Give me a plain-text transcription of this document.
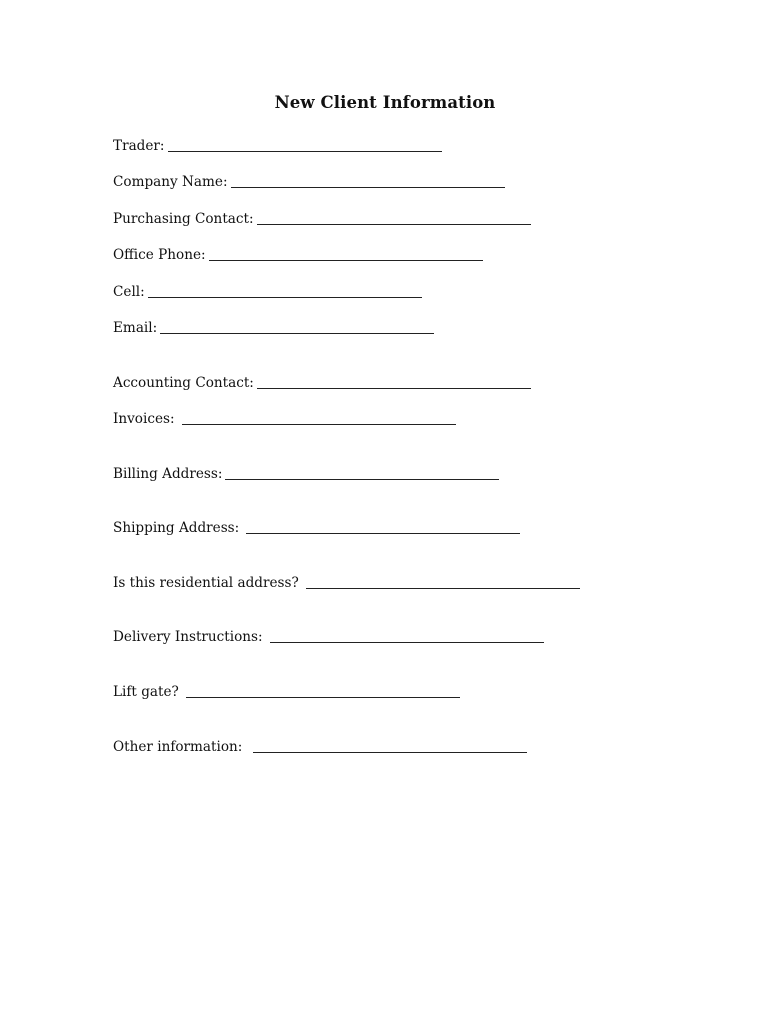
New Client Information
Trader:
Company Name:
Purchasing Contact:
Office Phone:
Cell:
Email:
Accounting Contact:
Invoices:
Billing Address:
Shipping Address:
Is this residential address?
Delivery Instructions:
Lift gate?
Other information:
